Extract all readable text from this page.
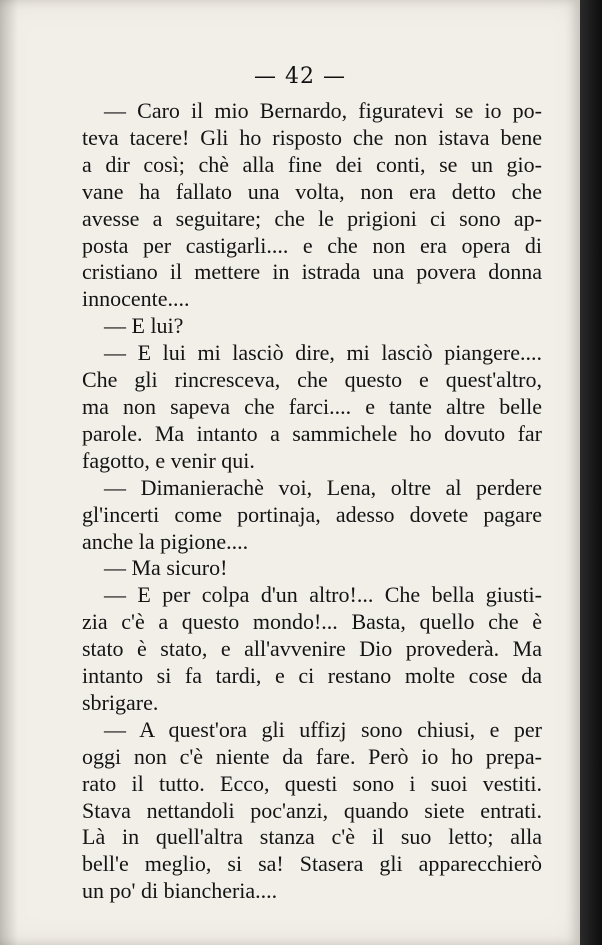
— 42 —
— Caro il mio Bernardo, figuratevi se io po-
teva tacere! Gli ho risposto che non istava bene
a dir così; chè alla fine dei conti, se un gio-
vane ha fallato una volta, non era detto che
avesse a seguitare; che le prigioni ci sono ap-
posta per castigarli.... e che non era opera di
cristiano il mettere in istrada una povera donna
innocente....
— E lui?
— E lui mi lasciò dire, mi lasciò piangere....
Che gli rincresceva, che questo e quest'altro,
ma non sapeva che farci.... e tante altre belle
parole. Ma intanto a sammichele ho dovuto far
fagotto, e venir qui.
— Dimanierachè voi, Lena, oltre al perdere
gl'incerti come portinaja, adesso dovete pagare
anche la pigione....
— Ma sicuro!
— E per colpa d'un altro!... Che bella giusti-
zia c'è a questo mondo!... Basta, quello che è
stato è stato, e all'avvenire Dio provederà. Ma
intanto si fa tardi, e ci restano molte cose da
sbrigare.
— A quest'ora gli uffizj sono chiusi, e per
oggi non c'è niente da fare. Però io ho prepa-
rato il tutto. Ecco, questi sono i suoi vestiti.
Stava nettandoli poc'anzi, quando siete entrati.
Là in quell'altra stanza c'è il suo letto; alla
bell'e meglio, si sa! Stasera gli apparecchierò
un po' di biancheria....
